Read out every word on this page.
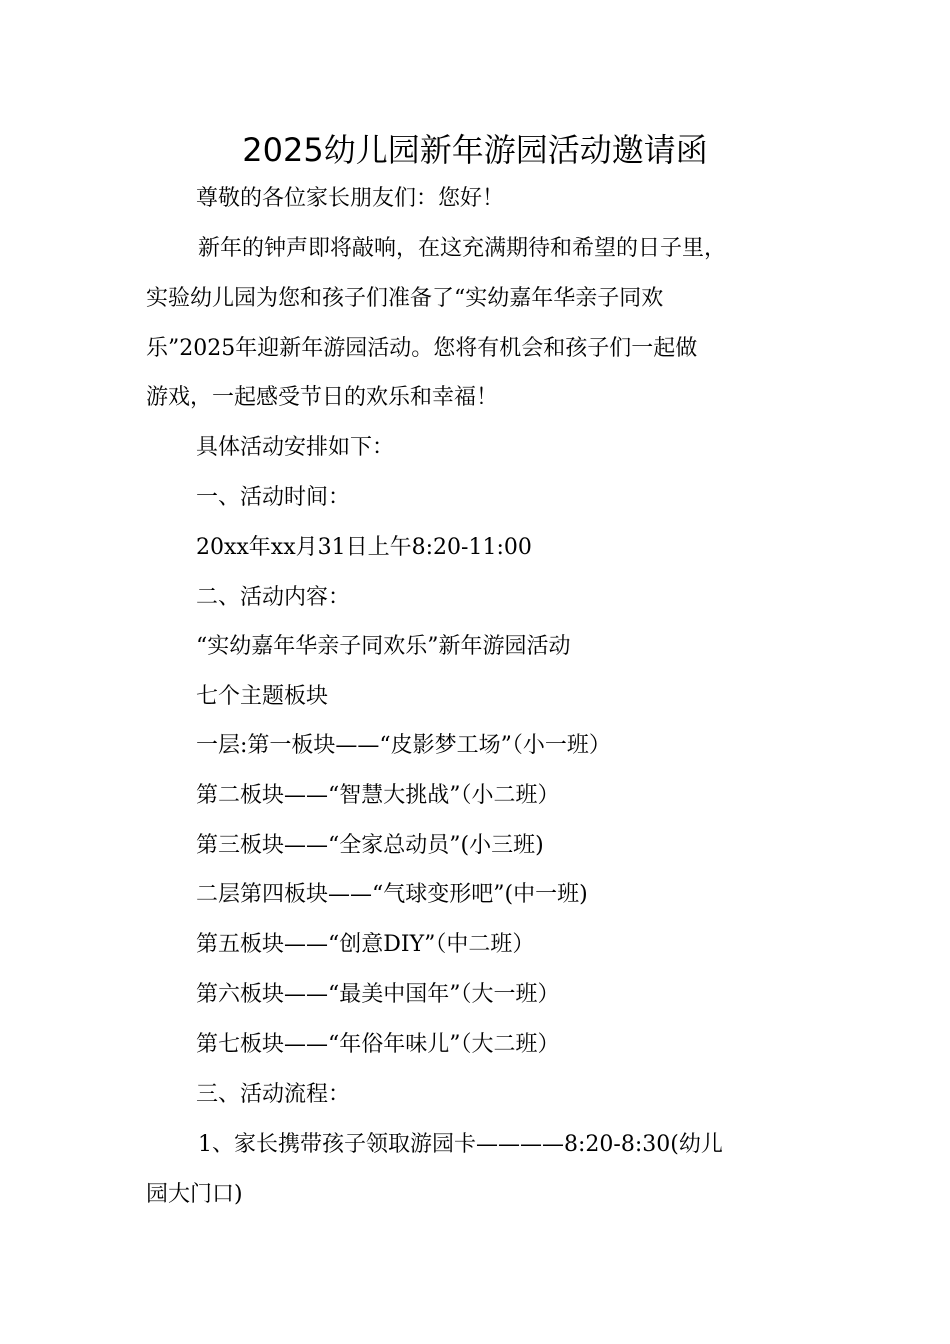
2025幼儿园新年游园活动邀请函
尊敬的各位家长朋友们：您好！
新年的钟声即将敲响，在这充满期待和希望的日子里，
实验幼儿园为您和孩子们准备了“实幼嘉年华亲子同欢
乐”2025年迎新年游园活动。您将有机会和孩子们一起做
游戏，一起感受节日的欢乐和幸福！
具体活动安排如下：
一、活动时间：
20xx年xx月31日上午8:20-11:00
二、活动内容：
“实幼嘉年华亲子同欢乐”新年游园活动
七个主题板块
一层:第一板块——“皮影梦工场”（小一班）
第二板块——“智慧大挑战”（小二班）
第三板块——“全家总动员”(小三班)
二层第四板块——“气球变形吧”(中一班)
第五板块——“创意DIY”（中二班）
第六板块——“最美中国年”（大一班）
第七板块——“年俗年味儿”（大二班）
三、活动流程：
1、家长携带孩子领取游园卡————8:20-8:30(幼儿
园大门口)
